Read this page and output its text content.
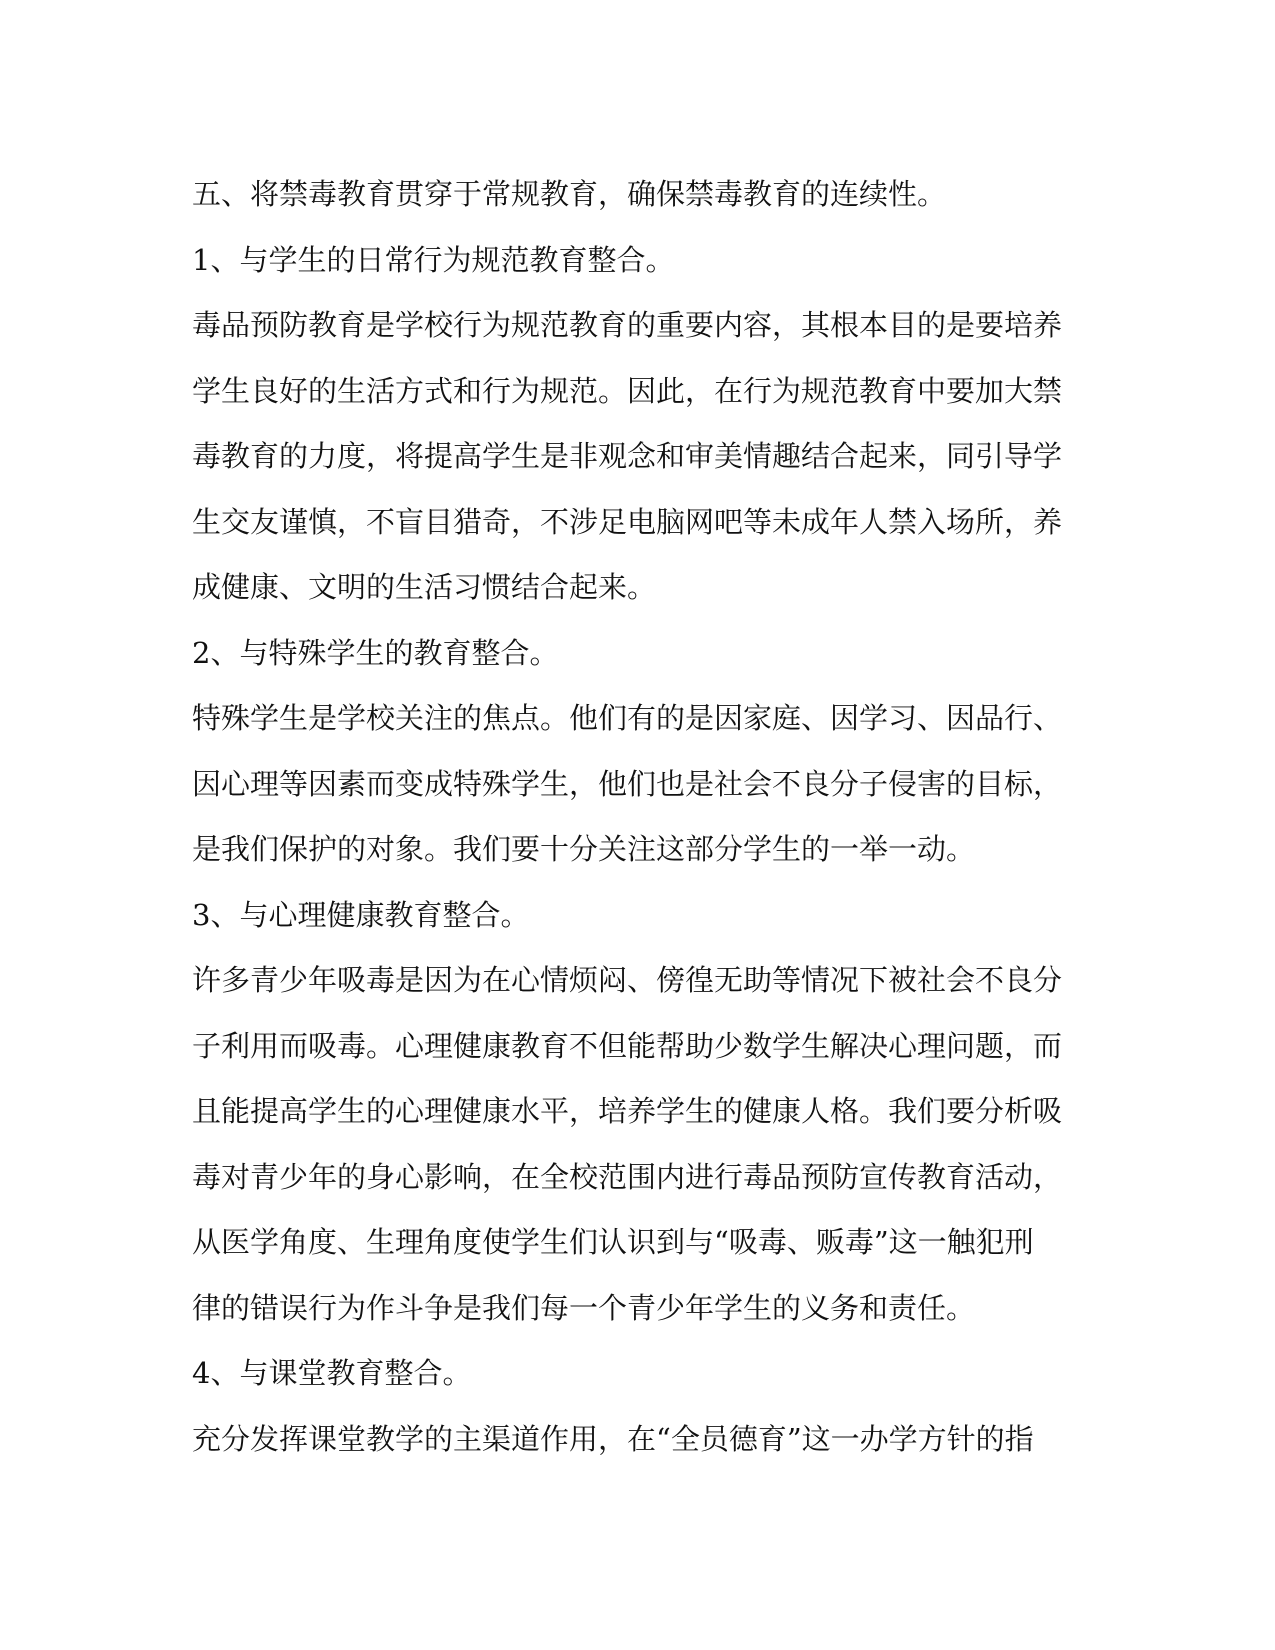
五、将禁毒教育贯穿于常规教育，确保禁毒教育的连续性。

1、与学生的日常行为规范教育整合。

毒品预防教育是学校行为规范教育的重要内容，其根本目的是要培养

学生良好的生活方式和行为规范。因此，在行为规范教育中要加大禁

毒教育的力度，将提高学生是非观念和审美情趣结合起来，同引导学

生交友谨慎，不盲目猎奇，不涉足电脑网吧等未成年人禁入场所，养

成健康、文明的生活习惯结合起来。

2、与特殊学生的教育整合。

特殊学生是学校关注的焦点。他们有的是因家庭、因学习、因品行、

因心理等因素而变成特殊学生，他们也是社会不良分子侵害的目标，

是我们保护的对象。我们要十分关注这部分学生的一举一动。

3、与心理健康教育整合。

许多青少年吸毒是因为在心情烦闷、傍徨无助等情况下被社会不良分

子利用而吸毒。心理健康教育不但能帮助少数学生解决心理问题，而

且能提高学生的心理健康水平，培养学生的健康人格。我们要分析吸

毒对青少年的身心影响，在全校范围内进行毒品预防宣传教育活动，

从医学角度、生理角度使学生们认识到与“吸毒、贩毒”这一触犯刑

律的错误行为作斗争是我们每一个青少年学生的义务和责任。

4、与课堂教育整合。

充分发挥课堂教学的主渠道作用，在“全员德育”这一办学方针的指
